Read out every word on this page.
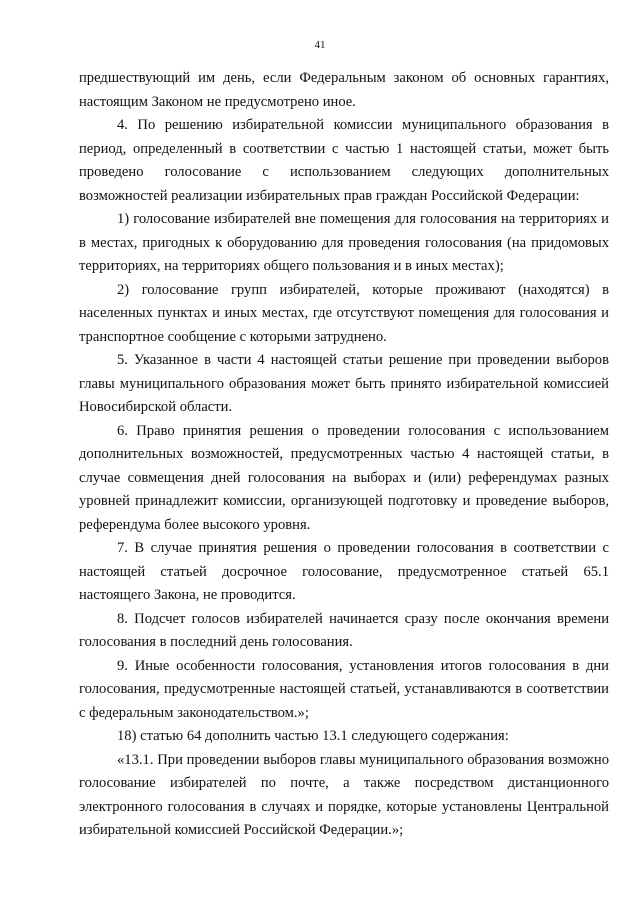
41

предшествующий им день, если Федеральным законом об основных гарантиях, настоящим Законом не предусмотрено иное.

4. По решению избирательной комиссии муниципального образования в период, определенный в соответствии с частью 1 настоящей статьи, может быть проведено голосование с использованием следующих дополнительных возможностей реализации избирательных прав граждан Российской Федерации:

1) голосование избирателей вне помещения для голосования на территориях и в местах, пригодных к оборудованию для проведения голосования (на придомовых территориях, на территориях общего пользования и в иных местах);

2) голосование групп избирателей, которые проживают (находятся) в населенных пунктах и иных местах, где отсутствуют помещения для голосования и транспортное сообщение с которыми затруднено.

5. Указанное в части 4 настоящей статьи решение при проведении выборов главы муниципального образования может быть принято избирательной комиссией Новосибирской области.

6. Право принятия решения о проведении голосования с использованием дополнительных возможностей, предусмотренных частью 4 настоящей статьи, в случае совмещения дней голосования на выборах и (или) референдумах разных уровней принадлежит комиссии, организующей подготовку и проведение выборов, референдума более высокого уровня.

7. В случае принятия решения о проведении голосования в соответствии с настоящей статьей досрочное голосование, предусмотренное статьей 65.1 настоящего Закона, не проводится.

8. Подсчет голосов избирателей начинается сразу после окончания времени голосования в последний день голосования.

9. Иные особенности голосования, установления итогов голосования в дни голосования, предусмотренные настоящей статьей, устанавливаются в соответствии с федеральным законодательством.»;

18) статью 64 дополнить частью 13.1 следующего содержания:

«13.1. При проведении выборов главы муниципального образования возможно голосование избирателей по почте, а также посредством дистанционного электронного голосования в случаях и порядке, которые установлены Центральной избирательной комиссией Российской Федерации.»;
